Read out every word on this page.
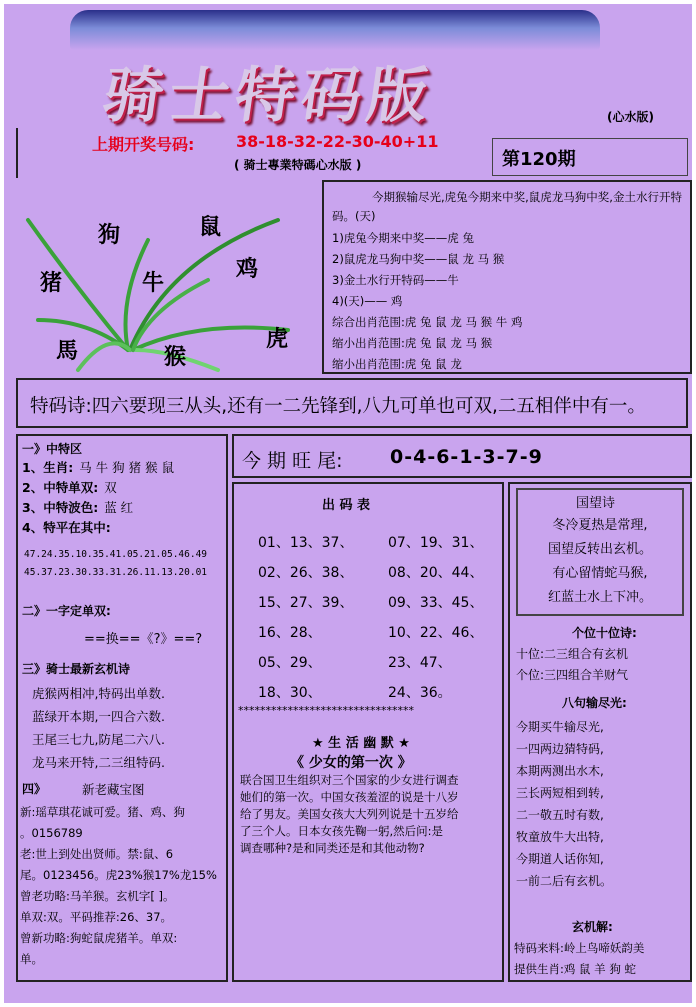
骑士特码版	(心水版)
上期开奖号码:	38-18-32-22-30-40+11
( 骑士專業特碼心水版 )	第120期
狗	鼠
鸡
猪	牛
馬	猴
虎
今期猴输尽光,虎兔今期来中奖,鼠虎龙马狗中奖,金土水行开特码。(天)
1)虎兔今期来中奖——虎 兔
2)鼠虎龙马狗中奖——鼠 龙 马 猴
3)金土水行开特码——牛
4)(天)—— 鸡
综合出肖范围:虎 兔 鼠 龙 马 猴 牛 鸡
缩小出肖范围:虎 兔 鼠 龙 马 猴
缩小出肖范围:虎 兔 鼠 龙
特码诗:四六要现三从头,还有一二先锋到,八九可单也可双,二五相伴中有一。
一》中特区
1、生肖: 马 牛 狗 猪 猴 鼠
2、中特单双: 双
3、中特波色: 蓝 红
4、特平在其中:
47.24.35.10.35.41.05.21.05.46.49
45.37.23.30.33.31.26.11.13.20.01
二》一字定单双:
==换==《?》==?
三》骑士最新玄机诗
虎猴两相冲,特码出单数.
蓝绿开本期,一四合六数.
王尾三七九,防尾二六八.
龙马来开特,二三组特码.
四》	新老藏宝图
新:瑶草琪花诚可爱。猪、鸡、狗
。0156789
老:世上到处出贤师。禁:鼠、6
尾。0123456。虎23%猴17%龙15%
曾老功略:马羊猴。玄机字[ ]。
单双:双。平码推荐:26、37。
曾新功略:狗蛇鼠虎猪羊。单双:
单。
今 期 旺 尾: 0-4-6-1-3-7-9
出 码 表
01、13、37、 07、19、31、
02、26、38、 08、20、44、
15、27、39、 09、33、45、
16、28、	10、22、46、
05、29、	23、47、
18、30、	24、36。
********************************
★ 生 活 幽 默 ★
《 少女的第一次 》
联合国卫生组织对三个国家的少女进行调查
她们的第一次。中国女孩羞涩的说是十八岁
给了男友。美国女孩大大列列说是十五岁给
了三个人。日本女孩先鞠一躬,然后问:是
调查哪种?是和同类还是和其他动物?
国望诗
冬冷夏热是常理,
国望反转出玄机。
有心留情蛇马猴,
红蓝土水上下冲。
个位十位诗:
十位:二三组合有玄机
个位:三四组合羊财气
八句输尽光:
今期买牛输尽光,
一四两边猜特码,
本期两测出水木,
三长两短相到转,
二一敬五时有数,
牧童放牛大出特,
今期道人话你知,
一前二后有玄机。
玄机解:
特码来料:岭上鸟啼妖韵美
提供生肖:鸡 鼠 羊 狗 蛇
